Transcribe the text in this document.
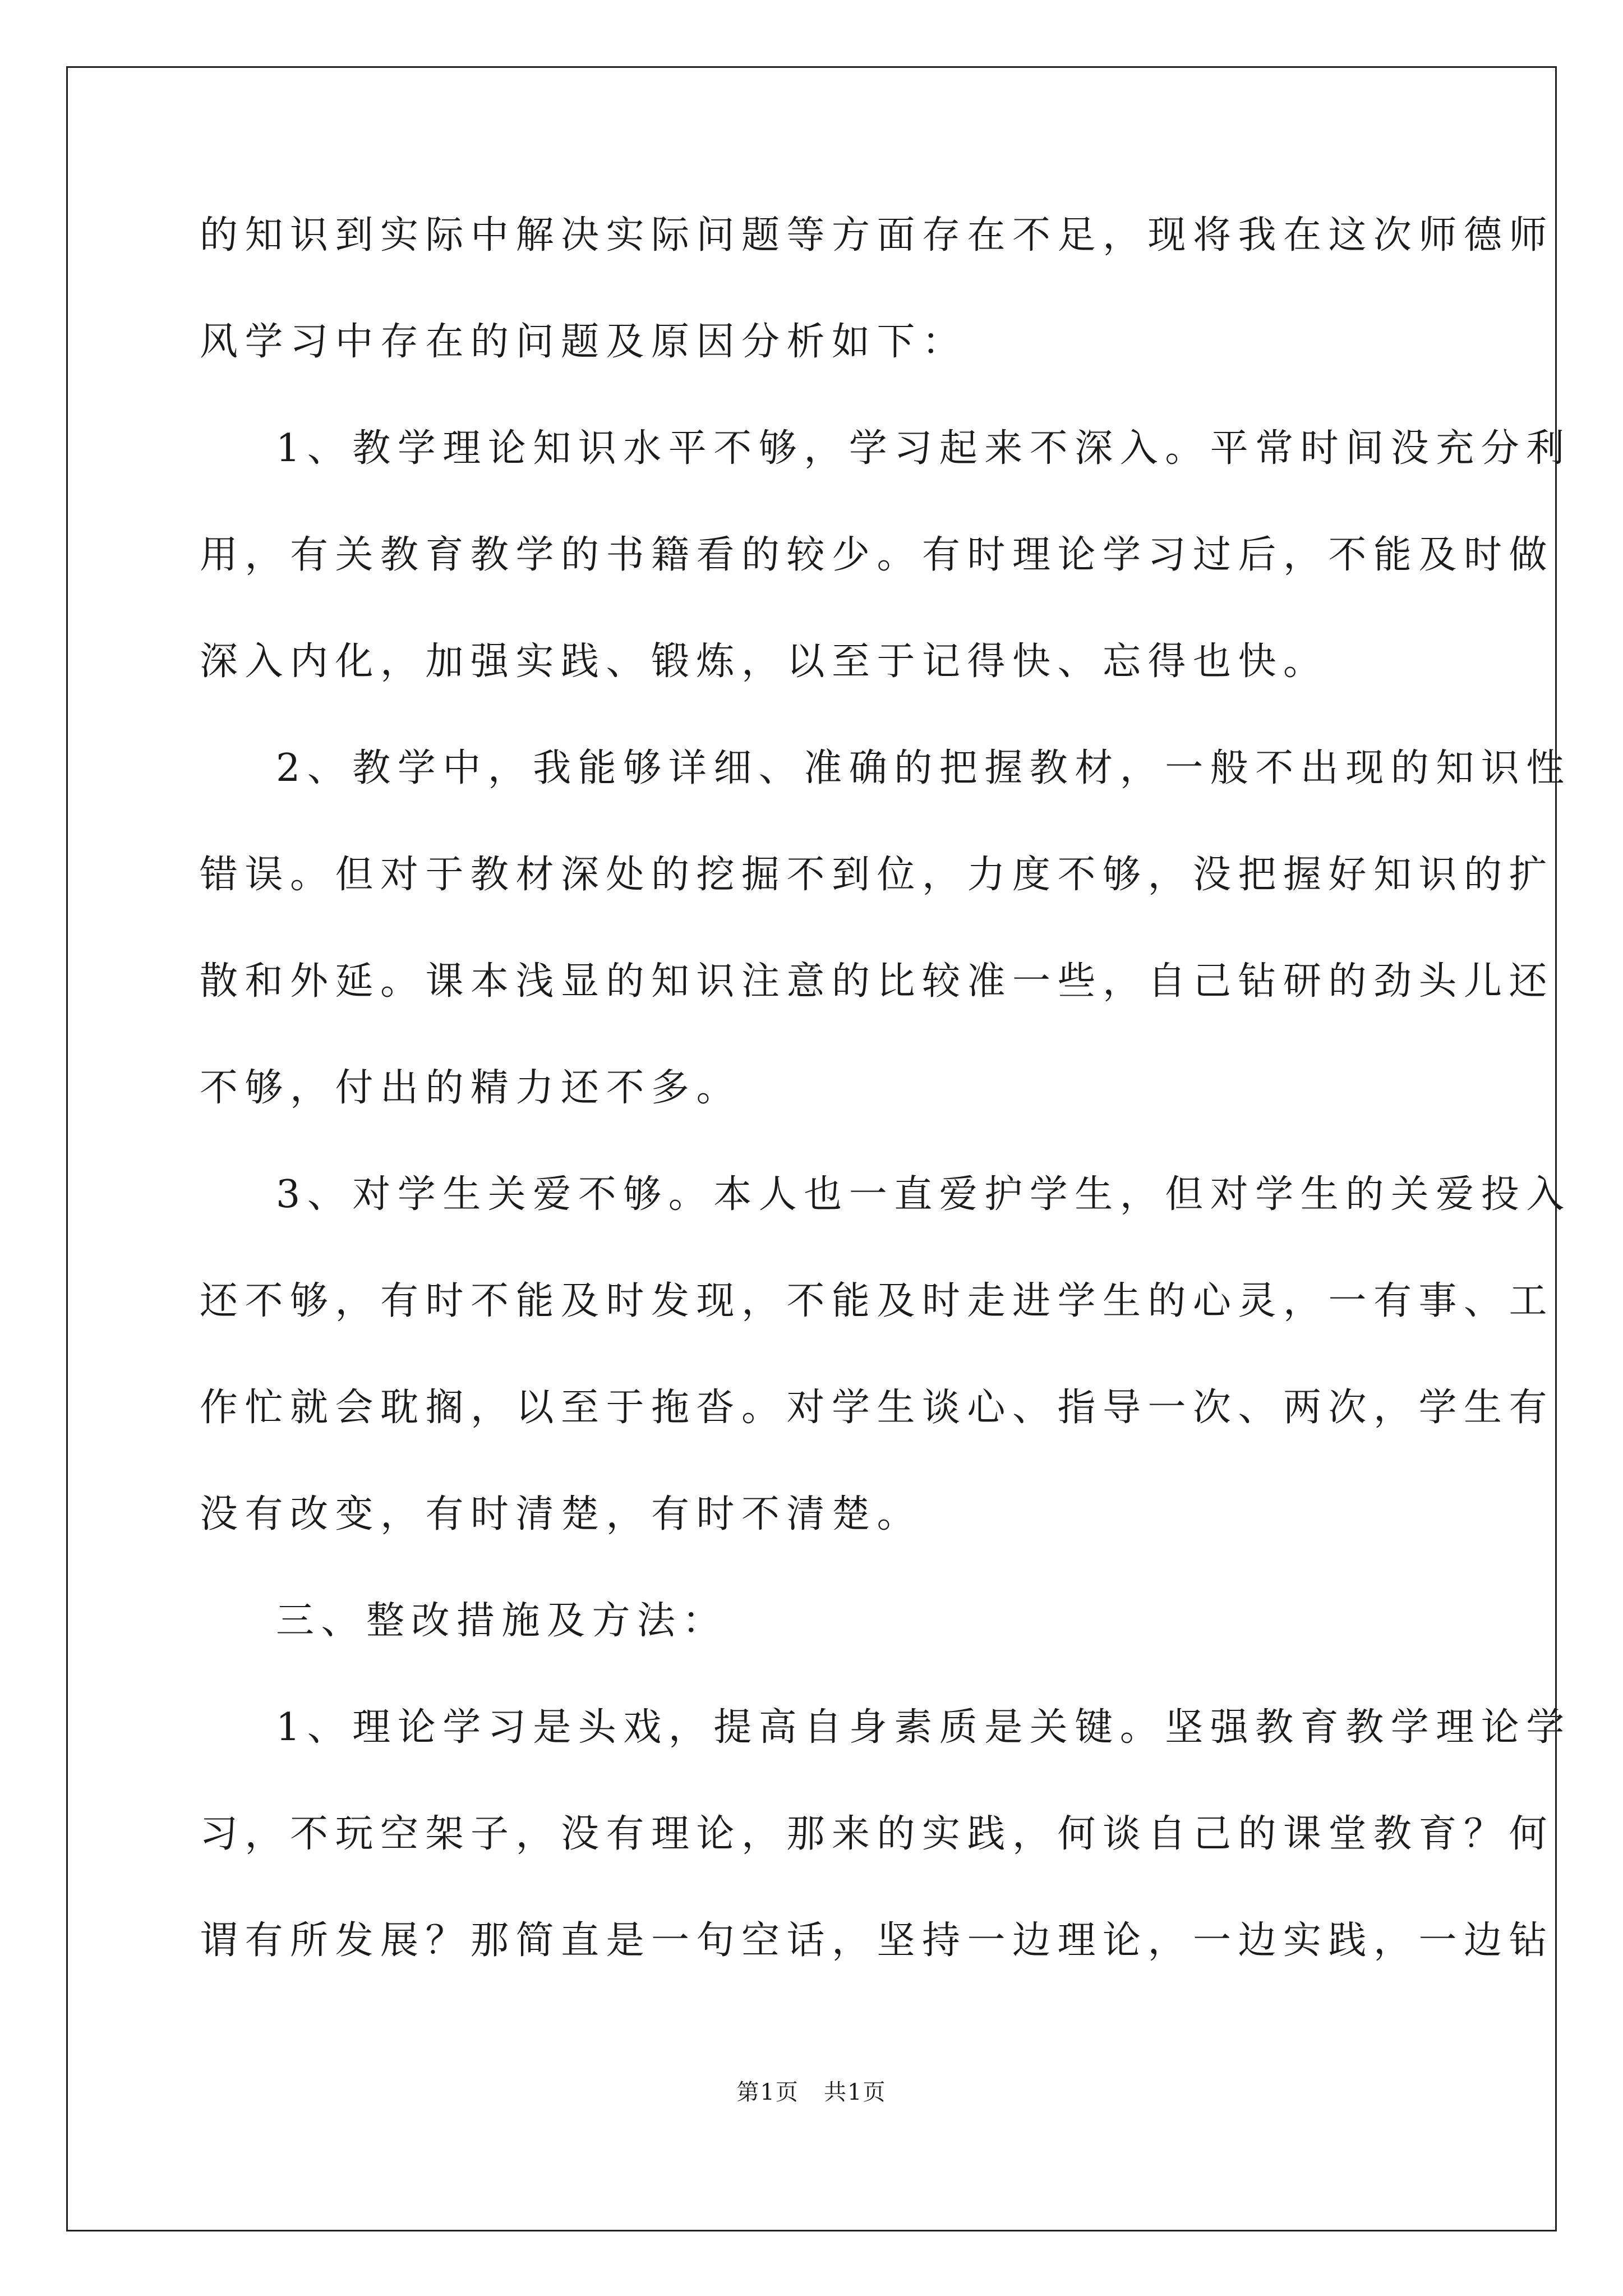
的知识到实际中解决实际问题等方面存在不足，现将我在这次师德师
风学习中存在的问题及原因分析如下：
1、教学理论知识水平不够，学习起来不深入。平常时间没充分利
用，有关教育教学的书籍看的较少。有时理论学习过后，不能及时做
深入内化，加强实践、锻炼，以至于记得快、忘得也快。
2、教学中，我能够详细、准确的把握教材，一般不出现的知识性
错误。但对于教材深处的挖掘不到位，力度不够，没把握好知识的扩
散和外延。课本浅显的知识注意的比较准一些，自己钻研的劲头儿还
不够，付出的精力还不多。
3、对学生关爱不够。本人也一直爱护学生，但对学生的关爱投入
还不够，有时不能及时发现，不能及时走进学生的心灵，一有事、工
作忙就会耽搁，以至于拖沓。对学生谈心、指导一次、两次，学生有
没有改变，有时清楚，有时不清楚。
三、整改措施及方法：
1、理论学习是头戏，提高自身素质是关键。坚强教育教学理论学
习，不玩空架子，没有理论，那来的实践，何谈自己的课堂教育？何
谓有所发展？那简直是一句空话，坚持一边理论，一边实践，一边钻
第1页   共1页
